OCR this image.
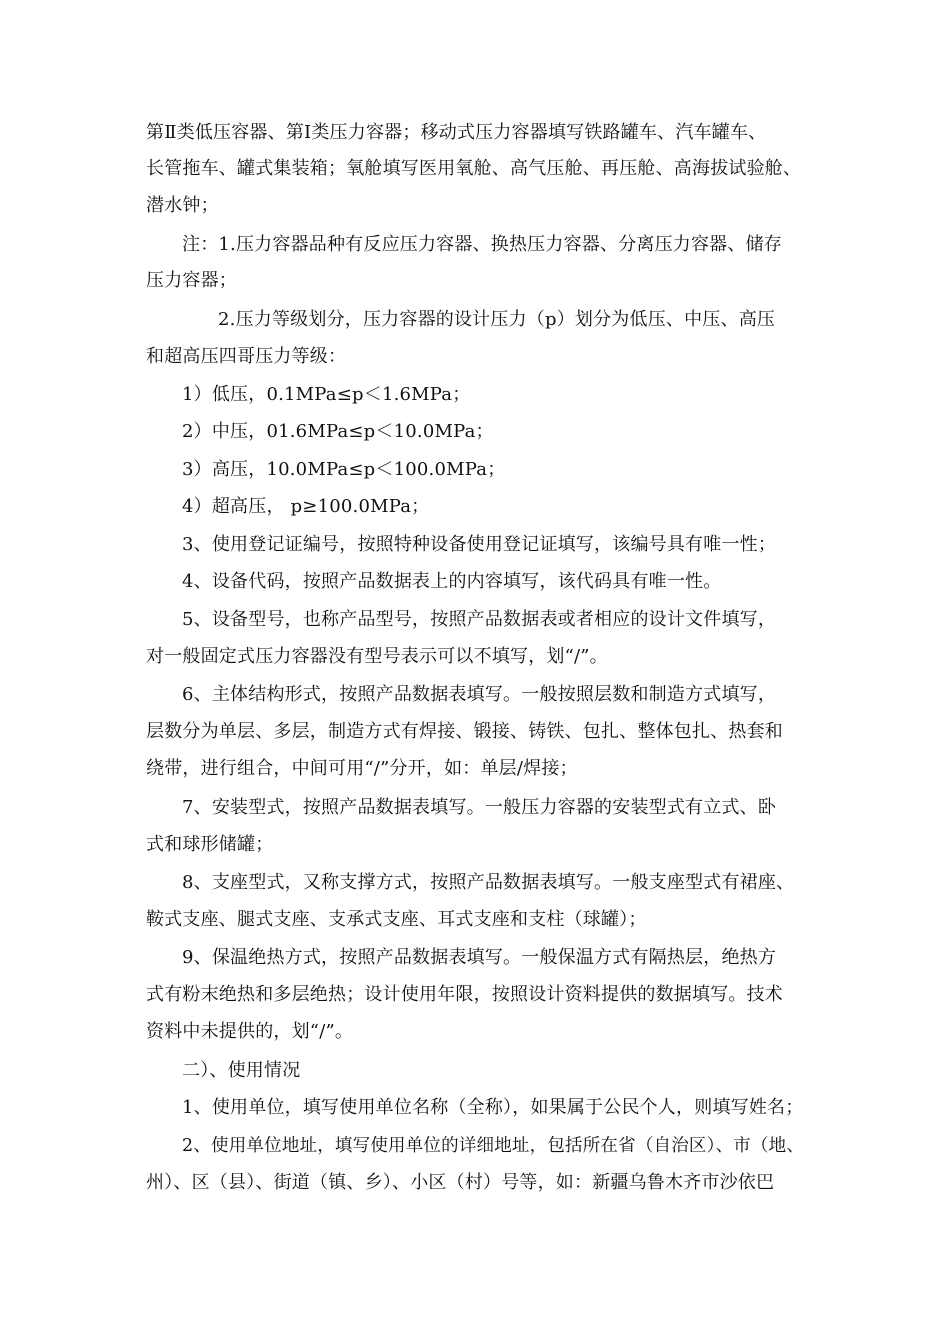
第Ⅱ类低压容器、第Ⅰ类压力容器；移动式压力容器填写铁路罐车、汽车罐车、
长管拖车、罐式集装箱；氧舱填写医用氧舱、高气压舱、再压舱、高海拔试验舱、
潜水钟；
注：1.压力容器品种有反应压力容器、换热压力容器、分离压力容器、储存
压力容器；
2.压力等级划分，压力容器的设计压力（p）划分为低压、中压、高压
和超高压四哥压力等级：
1）低压，0.1MPa≤p＜1.6MPa；
2）中压，01.6MPa≤p＜10.0MPa；
3）高压，10.0MPa≤p＜100.0MPa；
4）超高压， p≥100.0MPa；
3、使用登记证编号，按照特种设备使用登记证填写，该编号具有唯一性；
4、设备代码，按照产品数据表上的内容填写，该代码具有唯一性。
5、设备型号，也称产品型号，按照产品数据表或者相应的设计文件填写，
对一般固定式压力容器没有型号表示可以不填写，划“/”。
6、主体结构形式，按照产品数据表填写。一般按照层数和制造方式填写，
层数分为单层、多层，制造方式有焊接、锻接、铸铁、包扎、整体包扎、热套和
绕带，进行组合，中间可用“/”分开，如：单层/焊接；
7、安装型式，按照产品数据表填写。一般压力容器的安装型式有立式、卧
式和球形储罐；
8、支座型式，又称支撑方式，按照产品数据表填写。一般支座型式有裙座、
鞍式支座、腿式支座、支承式支座、耳式支座和支柱（球罐）；
9、保温绝热方式，按照产品数据表填写。一般保温方式有隔热层，绝热方
式有粉末绝热和多层绝热；设计使用年限，按照设计资料提供的数据填写。技术
资料中未提供的，划“/”。
二）、使用情况
1、使用单位，填写使用单位名称（全称），如果属于公民个人，则填写姓名；
2、使用单位地址，填写使用单位的详细地址，包括所在省（自治区）、市（地、
州）、区（县）、街道（镇、乡）、小区（村）号等，如：新疆乌鲁木齐市沙依巴
